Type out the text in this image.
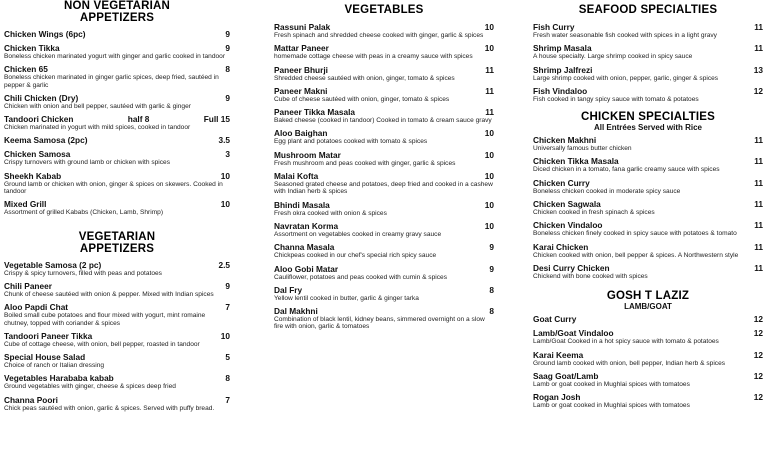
NON VEGETARIAN
APPETIZERS
Chicken Wings (6pc)	9
Chicken Tikka	9
Boneless chicken marinated yogurt with ginger and garlic cooked in tandoor
Chicken 65	8
Boneless chicken marinated in ginger garlic spices, deep fried, sautéed in pepper & garlic
Chili Chicken (Dry)	9
Chicken with onion and bell pepper, sautéed with garlic & ginger
Tandoori Chicken	half 8	Full 15
Chicken marinated in yogurt with mild spices, cooked in tandoor
Keema Samosa (2pc)	3.5
Chicken Samosa	3
Crispy turnovers with ground lamb or chicken with spices
Sheekh Kabab	10
Ground lamb or chicken with onion, ginger & spices on skewers. Cooked in tandoor
Mixed Grill	10
Assortment of grilled Kababs (Chicken, Lamb, Shrimp)
VEGETARIAN
APPETIZERS
Vegetable Samosa (2 pc)	2.5
Crispy & spicy turnovers, filled with peas and potatoes
Chili Paneer	9
Chunk of cheese sautéed with onion & pepper. Mixed with Indian spices
Aloo Papdi Chat	7
Boiled small cube potatoes and flour mixed with yogurt, mint romaine chutney, topped with coriander & spices
Tandoori Paneer Tikka	10
Cube of cottage cheese, with onion, bell pepper, roasted in tandoor
Special House Salad	5
Choice of ranch or Italian dressing
Vegetables Harababa kabab	8
Ground vegetables with ginger, cheese & spices deep fried
Channa Poori	7
Chick peas sautéed with onion, garlic & spices. Served with puffy bread.
VEGETABLES
Rassuni Palak	10
Fresh spinach and shredded cheese cooked with ginger, garlic & spices
Mattar Paneer	10
homemade cottage cheese with peas in a creamy sauce with spices
Paneer Bhurji	11
Shredded cheese sautéed with onion, ginger, tomato & spices
Paneer Makni	11
Cube of cheese sautéed with onion, ginger, tomato & spices
Paneer Tikka Masala	11
Baked cheese (cooked in tandoor) Cooked in tomato & cream sauce gravy
Aloo Baighan	10
Egg plant and potatoes cooked with tomato & spices
Mushroom Matar	10
Fresh mushroom and peas cooked with ginger, garlic & spices
Malai Kofta	10
Seasoned grated cheese and potatoes, deep fried and cooked in a cashew with Indian herb & spices
Bhindi Masala	10
Fresh okra cooked with onion & spices
Navratan Korma	10
Assortment on vegetables cooked in creamy gravy sauce
Channa Masala	9
Chickpeas cooked in our chef's special rich spicy sauce
Aloo Gobi Matar	9
Cauliflower, potatoes and peas cooked with cumin & spices
Dal Fry	8
Yellow lentil cooked in butter, garlic & ginger tarka
Dal Makhni	8
Combination of black lentil, kidney beans, simmered overnight on a slow fire with onion, garlic & tomatoes
SEAFOOD SPECIALTIES
Fish Curry	11
Fresh water seasonable fish cooked with spices in a light gravy
Shrimp Masala	11
A house specialty. Large shrimp cooked in spicy sauce
Shrimp Jalfrezi	13
Large shrimp cooked with onion, pepper, garlic, ginger & spices
Fish Vindaloo	12
Fish cooked in tangy spicy sauce with tomato & potatoes
CHICKEN SPECIALTIES
All Entrées Served with Rice
Chicken Makhni	11
Universally famous butter chicken
Chicken Tikka Masala	11
Diced chicken in a tomato, fana garlic creamy sauce with spices
Chicken Curry	11
Boneless chicken cooked in moderate spicy sauce
Chicken Sagwala	11
Chicken cooked in fresh spinach & spices
Chicken Vindaloo	11
Boneless chicken finely cooked in spicy sauce with potatoes & tomato
Karai Chicken	11
Chicken cooked with onion, bell pepper & spices. A Northwestern style
Desi Curry Chicken	11
Chickend with bone cooked with spices
GOSH T LAZIZ
LAMB/GOAT
Goat Curry	12
Lamb/Goat Vindaloo	12
Lamb/Goat Cooked in a hot spicy sauce with tomato & potatoes
Karai Keema	12
Ground lamb cooked with onion, bell pepper, Indian herb & spices
Saag Goat/Lamb	12
Lamb or goat cooked in Mughlai spices with tomatoes
Rogan Josh	12
Lamb or goat cooked in Mughlai spices with tomatoes
